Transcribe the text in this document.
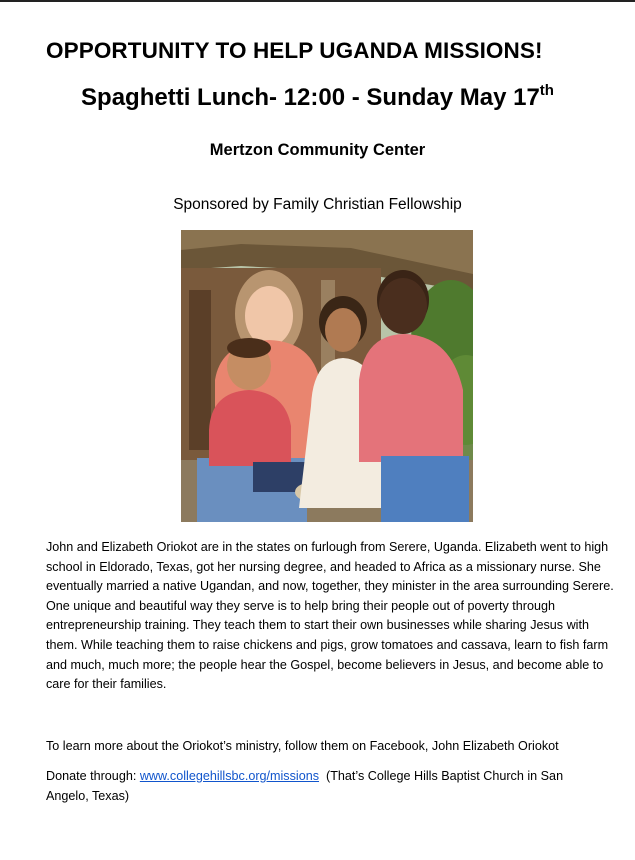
OPPORTUNITY TO HELP UGANDA MISSIONS!
Spaghetti Lunch- 12:00 - Sunday May 17th
Mertzon Community Center
Sponsored by Family Christian Fellowship
John and Elizabeth Oriokot are in the states on furlough from Serere, Uganda. Elizabeth went to high school in Eldorado, Texas, got her nursing degree, and headed to Africa as a missionary nurse. She eventually married a native Ugandan, and now, together, they minister in the area surrounding Serere. One unique and beautiful way they serve is to help bring their people out of poverty through entrepreneurship training. They teach them to start their own businesses while sharing Jesus with them. While teaching them to raise chickens and pigs, grow tomatoes and cassava, learn to fish farm and much, much more; the people hear the Gospel, become believers in Jesus, and become able to care for their families.
To learn more about the Oriokot’s ministry, follow them on Facebook, John Elizabeth Oriokot
Donate through: www.collegehillsbc.org/missions  (That’s College Hills Baptist Church in San Angelo, Texas)
